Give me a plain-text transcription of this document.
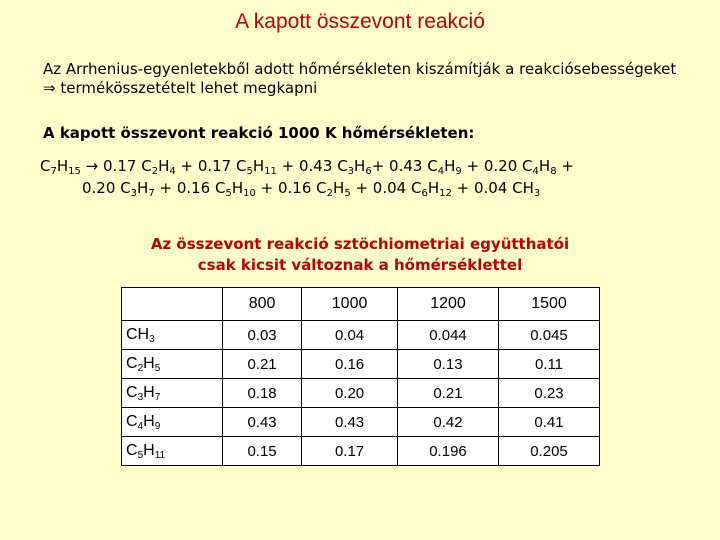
A kapott összevont reakció
Az Arrhenius-egyenletekből adott hőmérsékleten kiszámítják a reakciósebességeket ⇒ termékösszetételt lehet megkapni
A kapott összevont reakció 1000 K hőmérsékleten:
$C_7H_{15} \to 0.17$ $C_2H_4 + 0.17$ $C_5H_{11} + 0.43$ $C_3H_6+ 0.43$ $C_4H_9 + 0.20$ $C_4H_8$ +
0.20 $C_3H_7 + 0.16$ $C_5H_{10} + 0.16$ $C_2H_5 + 0.04$ $C_6H_{12} + 0.04$ $CH_3$
Az összevont reakció sztöchiometriai együtthatói
csak kicsit változnak a hőmérséklettel
	800	1000	1200	1500
$CH_3$	0.03	0.04	0.044	0.045
$C_2H_5$	0.21	0.16	0.13	0.11
$C_3H_7$	0.18	0.20	0.21	0.23
$C_4H_9$	0.43	0.43	0.42	0.41
$C_5H_{11}$	0.15	0.17	0.196	0.205
